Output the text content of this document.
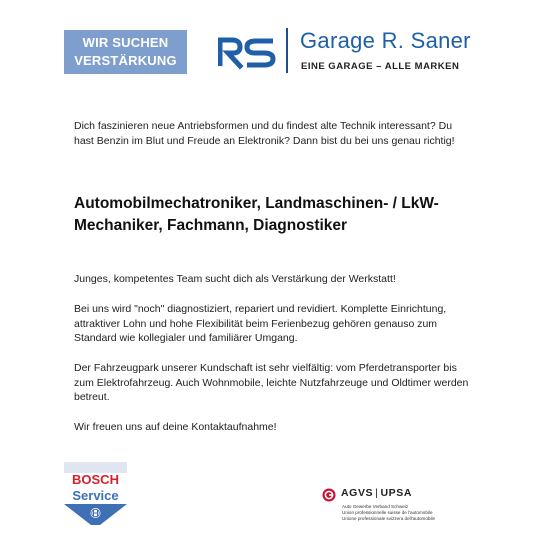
WIR SUCHEN
VERSTÄRKUNG
Garage R. Saner
EINE GARAGE – ALLE MARKEN

Dich faszinieren neue Antriebsformen und du findest alte Technik interessant? Du hast Benzin im Blut und Freude an Elektronik? Dann bist du bei uns genau richtig!

Automobilmechatroniker, Landmaschinen- / LkW-Mechaniker, Fachmann, Diagnostiker

Junges, kompetentes Team sucht dich als Verstärkung der Werkstatt!

Bei uns wird "noch" diagnostiziert, repariert und revidiert. Komplette Einrichtung, attraktiver Lohn und hohe Flexibilität beim Ferienbezug gehören genauso zum Standard wie kollegialer und familiärer Umgang.

Der Fahrzeugpark unserer Kundschaft ist sehr vielfältig: vom Pferdetransporter bis zum Elektrofahrzeug. Auch Wohnmobile, leichte Nutzfahrzeuge und Oldtimer werden betreut.

Wir freuen uns auf deine Kontaktaufnahme!

BOSCH
Service	AGVS | UPSA
Auto Gewerbe Verband Schweiz
Union professionnelle suisse de l'automobile
Unione professionale svizzera dell'automobile
